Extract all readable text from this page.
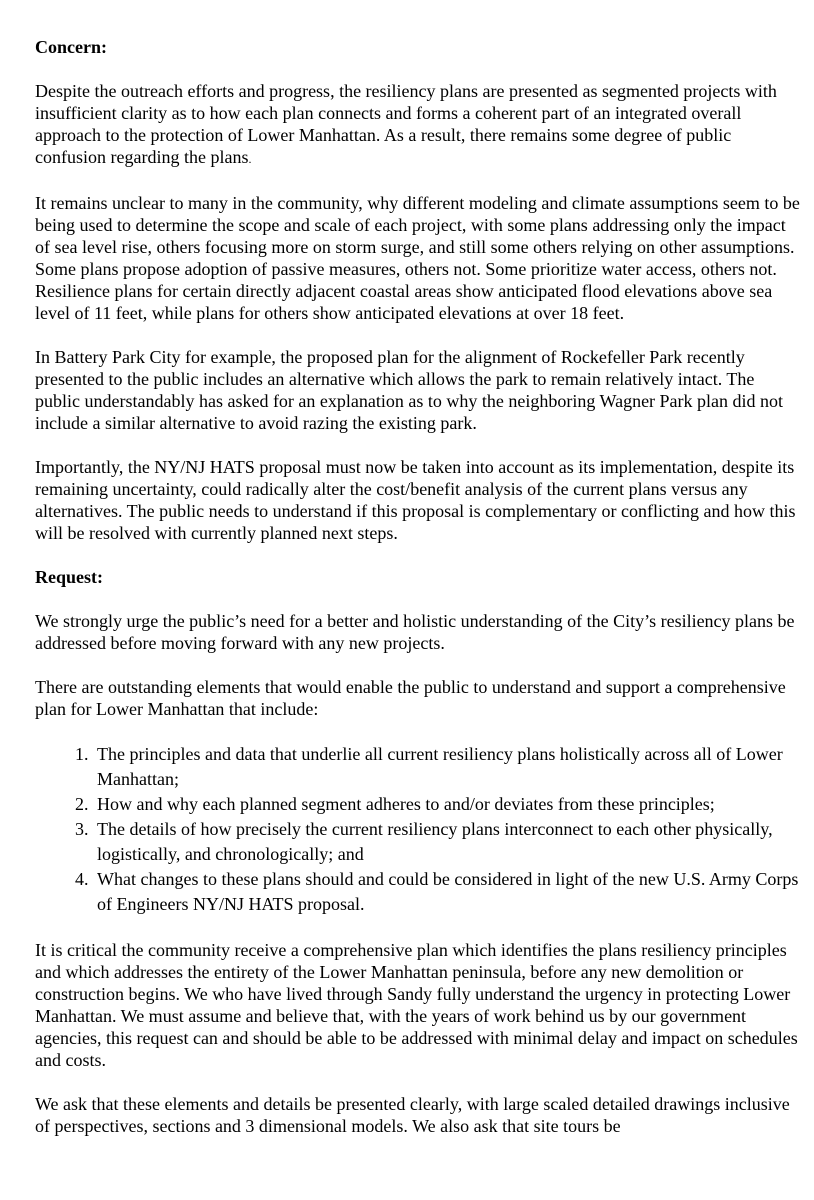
Concern:

Despite the outreach efforts and progress, the resiliency plans are presented as segmented projects with insufficient clarity as to how each plan connects and forms a coherent part of an integrated overall approach to the protection of Lower Manhattan. As a result, there remains some degree of public confusion regarding the plans.

It remains unclear to many in the community, why different modeling and climate assumptions seem to be being used to determine the scope and scale of each project, with some plans addressing only the impact of sea level rise, others focusing more on storm surge, and still some others relying on other assumptions. Some plans propose adoption of passive measures, others not. Some prioritize water access, others not. Resilience plans for certain directly adjacent coastal areas show anticipated flood elevations above sea level of 11 feet, while plans for others show anticipated elevations at over 18 feet.

In Battery Park City for example, the proposed plan for the alignment of Rockefeller Park recently presented to the public includes an alternative which allows the park to remain relatively intact. The public understandably has asked for an explanation as to why the neighboring Wagner Park plan did not include a similar alternative to avoid razing the existing park.

Importantly, the NY/NJ HATS proposal must now be taken into account as its implementation, despite its remaining uncertainty, could radically alter the cost/benefit analysis of the current plans versus any alternatives. The public needs to understand if this proposal is complementary or conflicting and how this will be resolved with currently planned next steps.

Request:

We strongly urge the public’s need for a better and holistic understanding of the City’s resiliency plans be addressed before moving forward with any new projects.

There are outstanding elements that would enable the public to understand and support a comprehensive plan for Lower Manhattan that include:

1. The principles and data that underlie all current resiliency plans holistically across all of Lower Manhattan;
2. How and why each planned segment adheres to and/or deviates from these principles;
3. The details of how precisely the current resiliency plans interconnect to each other physically, logistically, and chronologically; and
4. What changes to these plans should and could be considered in light of the new U.S. Army Corps of Engineers NY/NJ HATS proposal.

It is critical the community receive a comprehensive plan which identifies the plans resiliency principles and which addresses the entirety of the Lower Manhattan peninsula, before any new demolition or construction begins. We who have lived through Sandy fully understand the urgency in protecting Lower Manhattan. We must assume and believe that, with the years of work behind us by our government agencies, this request can and should be able to be addressed with minimal delay and impact on schedules and costs.

We ask that these elements and details be presented clearly, with large scaled detailed drawings inclusive of perspectives, sections and 3 dimensional models. We also ask that site tours be
